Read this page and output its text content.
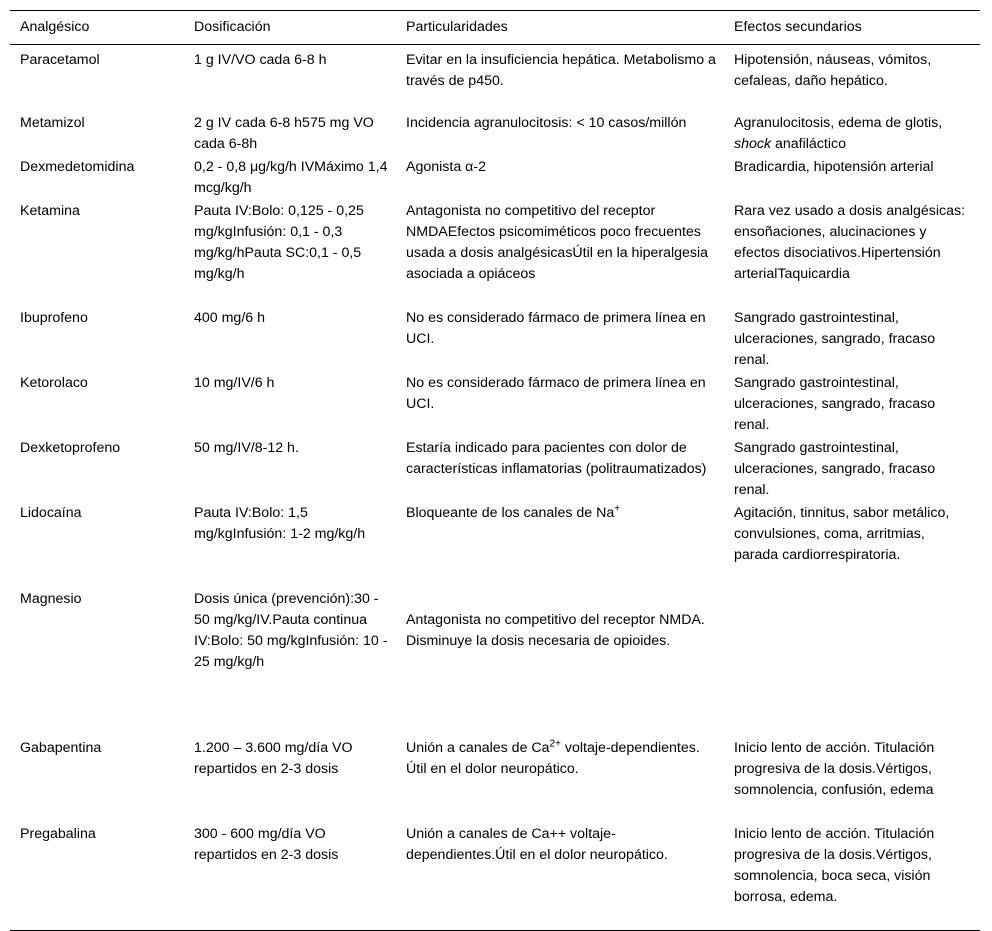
Analgésico	Dosificación	Particularidades	Efectos secundarios
Paracetamol	1 g IV/VO cada 6-8 h	Evitar en la insuficiencia hepática. Metabolismo a través de p450.	Hipotensión, náuseas, vómitos, cefaleas, daño hepático.
Metamizol	2 g IV cada 6-8 h575 mg VO cada 6-8h	Incidencia agranulocitosis: < 10 casos/millón	Agranulocitosis, edema de glotis, shock anafiláctico
Dexmedetomidina	0,2 - 0,8 μg/kg/h IVMáximo 1,4 mcg/kg/h	Agonista α-2	Bradicardia, hipotensión arterial
Ketamina	Pauta IV:Bolo: 0,125 - 0,25 mg/kgInfusión: 0,1 - 0,3 mg/kg/hPauta SC:0,1 - 0,5 mg/kg/h	Antagonista no competitivo del receptor NMDAEfectos psicomiméticos poco frecuentes usada a dosis analgésicasÚtil en la hiperalgesia asociada a opiáceos	Rara vez usado a dosis analgésicas: ensoñaciones, alucinaciones y efectos disociativos.Hipertensión arterialTaquicardia
Ibuprofeno	400 mg/6 h	No es considerado fármaco de primera línea en UCI.	Sangrado gastrointestinal, ulceraciones, sangrado, fracaso renal.
Ketorolaco	10 mg/IV/6 h	No es considerado fármaco de primera línea en UCI.	Sangrado gastrointestinal, ulceraciones, sangrado, fracaso renal.
Dexketoprofeno	50 mg/IV/8-12 h.	Estaría indicado para pacientes con dolor de características inflamatorias (politraumatizados)	Sangrado gastrointestinal, ulceraciones, sangrado, fracaso renal.
Lidocaína	Pauta IV:Bolo: 1,5 mg/kgInfusión: 1-2 mg/kg/h	Bloqueante de los canales de Na+	Agitación, tinnitus, sabor metálico, convulsiones, coma, arritmias, parada cardiorrespiratoria.
Magnesio	Dosis única (prevención):30 - 50 mg/kg/IV.Pauta continua IV:Bolo: 50 mg/kgInfusión: 10 - 25 mg/kg/h	Antagonista no competitivo del receptor NMDA. Disminuye la dosis necesaria de opioides.	
Gabapentina	1.200 – 3.600 mg/día VO repartidos en 2-3 dosis	Unión a canales de $Ca^{2+}$ voltaje-dependientes. Útil en el dolor neuropático.	Inicio lento de acción. Titulación progresiva de la dosis.Vértigos, somnolencia, confusión, edema
Pregabalina	300 - 600 mg/día VO repartidos en 2-3 dosis	Unión a canales de Ca++ voltaje-dependientes.Útil en el dolor neuropático.	Inicio lento de acción. Titulación progresiva de la dosis.Vértigos, somnolencia, boca seca, visión borrosa, edema.
